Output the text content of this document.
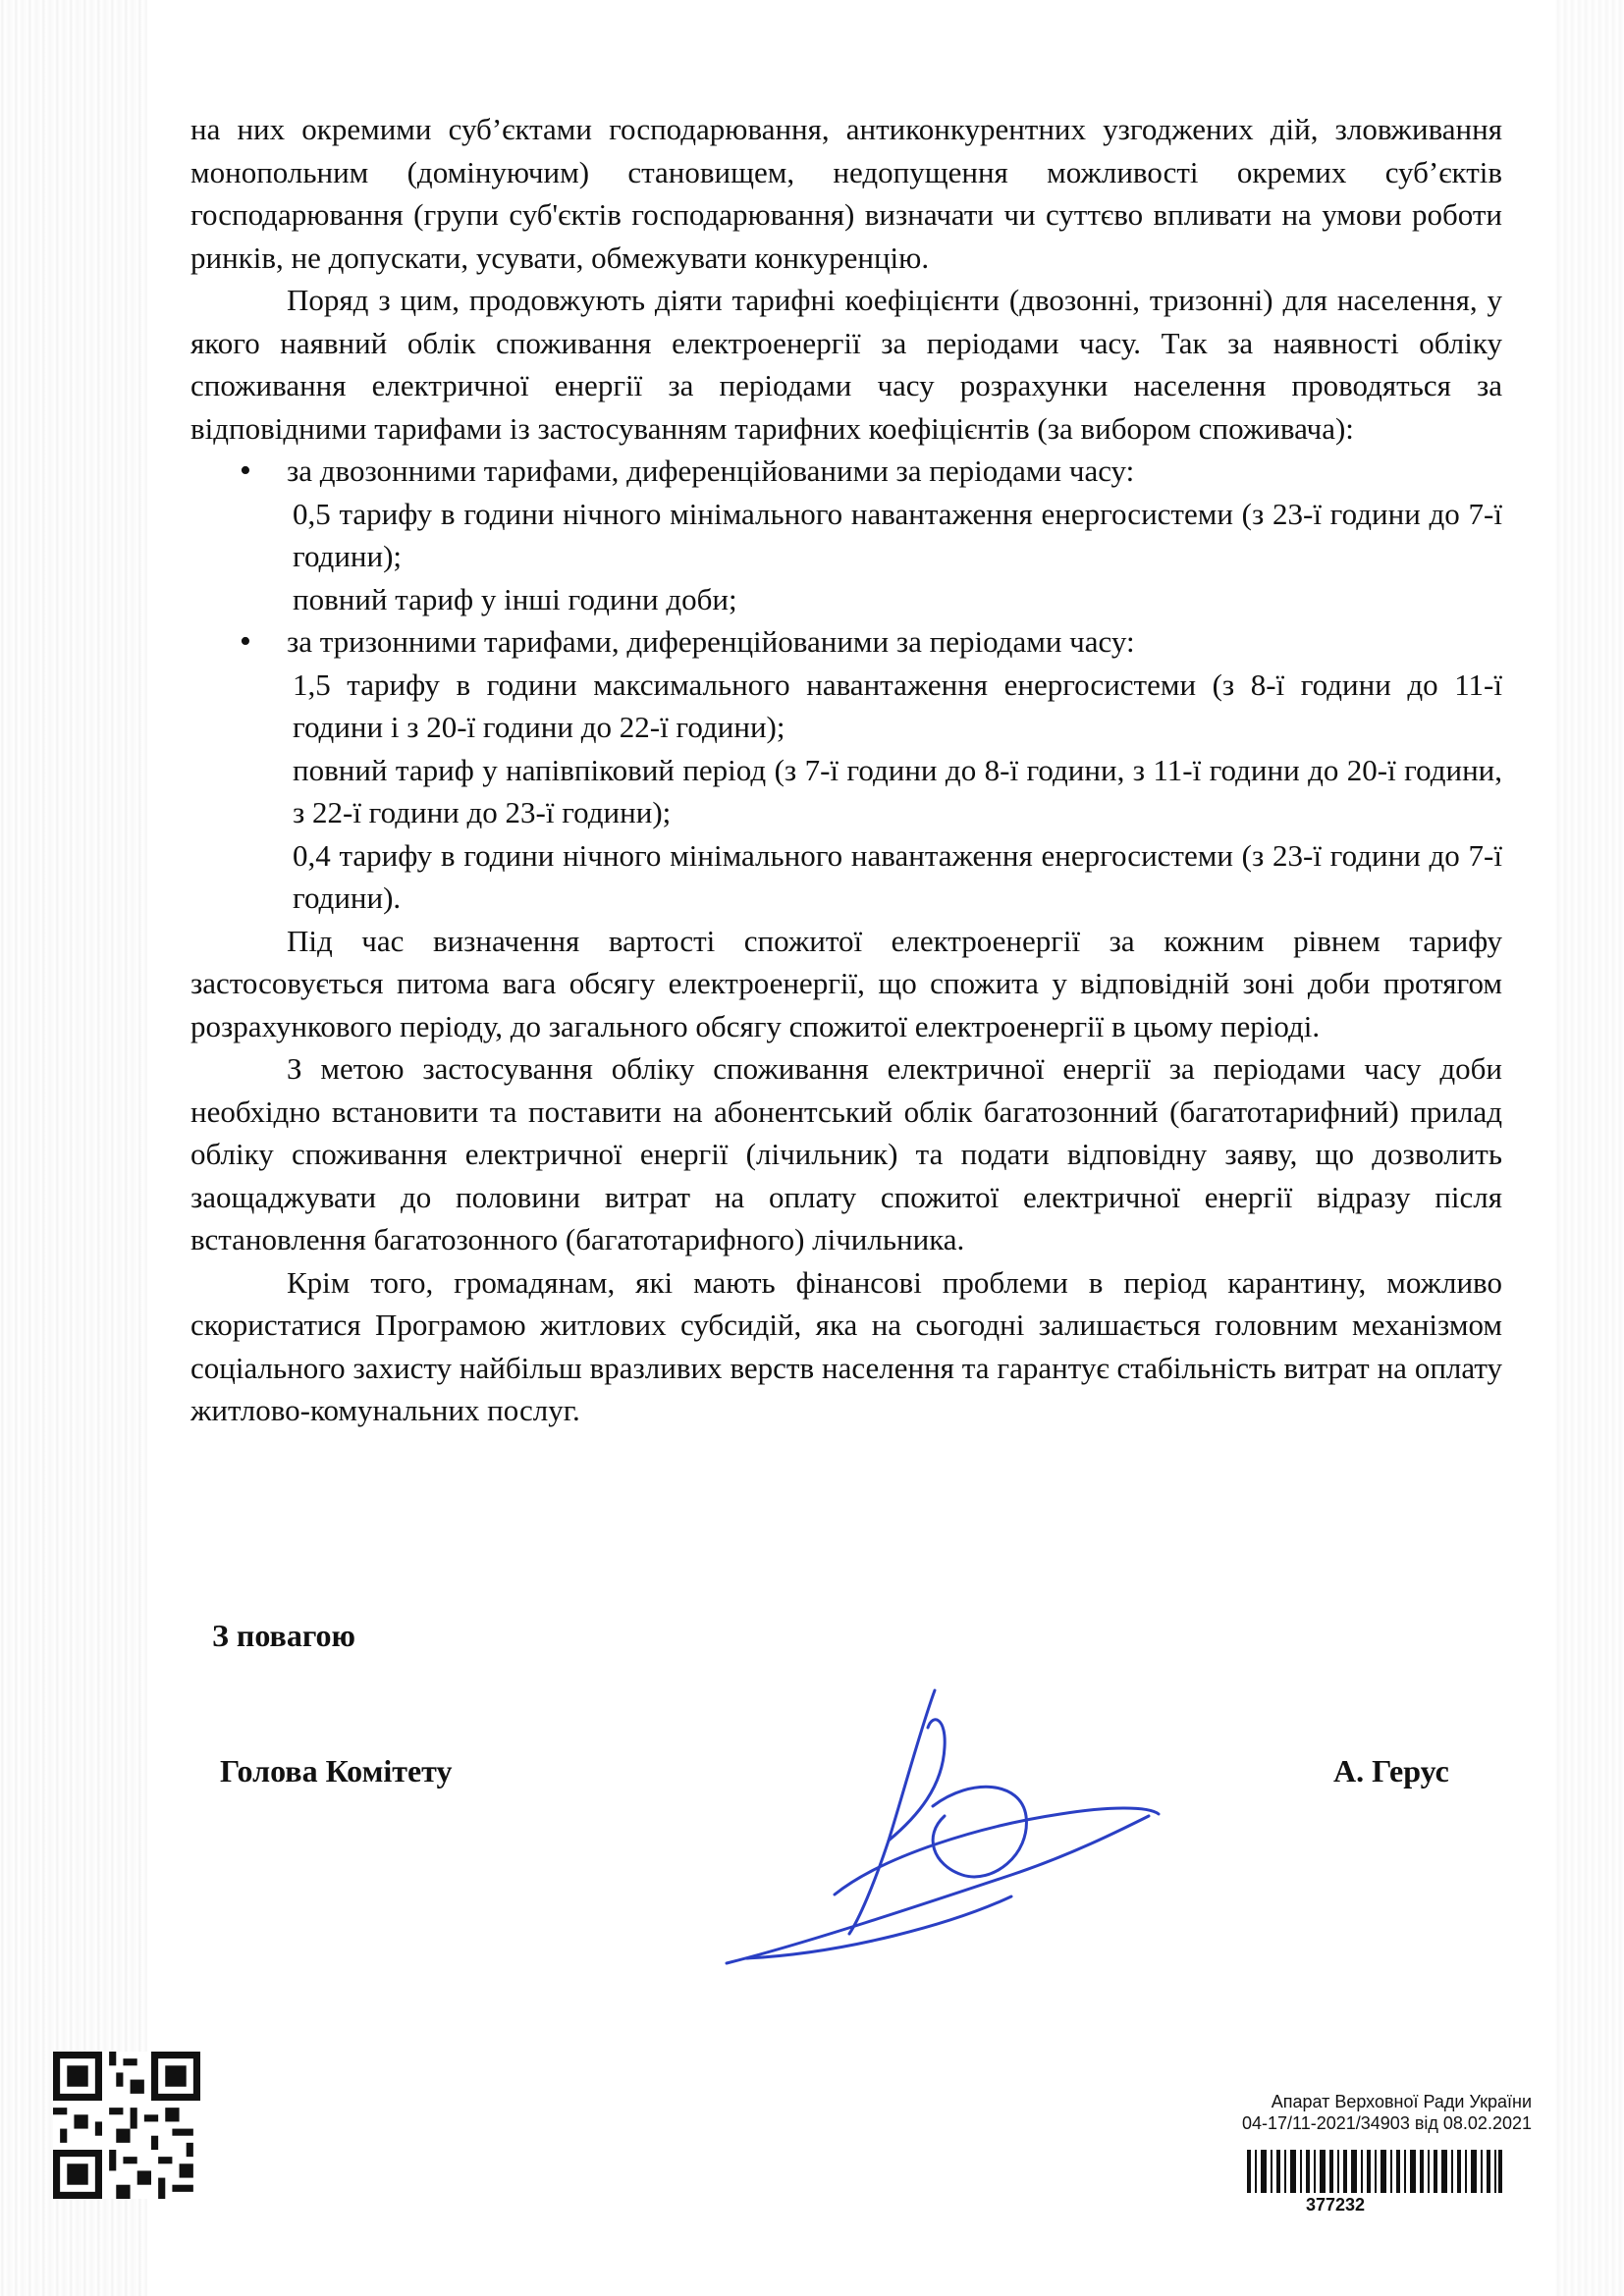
на них окремими суб’єктами господарювання, антиконкурентних узгоджених дій, зловживання монопольним (домінуючим) становищем, недопущення можливості окремих суб’єктів господарювання (групи суб'єктів господарювання) визначати чи суттєво впливати на умови роботи ринків, не допускати, усувати, обмежувати конкуренцію.

Поряд з цим, продовжують діяти тарифні коефіцієнти (двозонні, тризонні) для населення, у якого наявний облік споживання електроенергії за періодами часу. Так за наявності обліку споживання електричної енергії за періодами часу розрахунки населення проводяться за відповідними тарифами із застосуванням тарифних коефіцієнтів (за вибором споживача):

• за двозонними тарифами, диференційованими за періодами часу:

0,5 тарифу в години нічного мінімального навантаження енергосистеми (з 23-ї години до 7-ї години);

повний тариф у інші години доби;

• за тризонними тарифами, диференційованими за періодами часу:

1,5 тарифу в години максимального навантаження енергосистеми (з 8-ї години до 11-ї години і з 20-ї години до 22-ї години);

повний тариф у напівпіковий період (з 7-ї години до 8-ї години, з 11-ї години до 20-ї години, з 22-ї години до 23-ї години);

0,4 тарифу в години нічного мінімального навантаження енергосистеми (з 23-ї години до 7-ї години).

Під час визначення вартості спожитої електроенергії за кожним рівнем тарифу застосовується питома вага обсягу електроенергії, що спожита у відповідній зоні доби протягом розрахункового періоду, до загального обсягу спожитої електроенергії в цьому періоді.

З метою застосування обліку споживання електричної енергії за періодами часу доби необхідно встановити та поставити на абонентський облік багатозонний (багатотарифний) прилад обліку споживання електричної енергії (лічильник) та подати відповідну заяву, що дозволить заощаджувати до половини витрат на оплату спожитої електричної енергії відразу після встановлення багатозонного (багатотарифного) лічильника.

Крім того, громадянам, які мають фінансові проблеми в період карантину, можливо скористатися Програмою житлових субсидій, яка на сьогодні залишається головним механізмом соціального захисту найбільш вразливих верств населення та гарантує стабільність витрат на оплату житлово-комунальних послуг.

З повагою
Голова Комітету	А. Герус
Апарат Верховної Ради України
04-17/11-2021/34903 від 08.02.2021
377232
